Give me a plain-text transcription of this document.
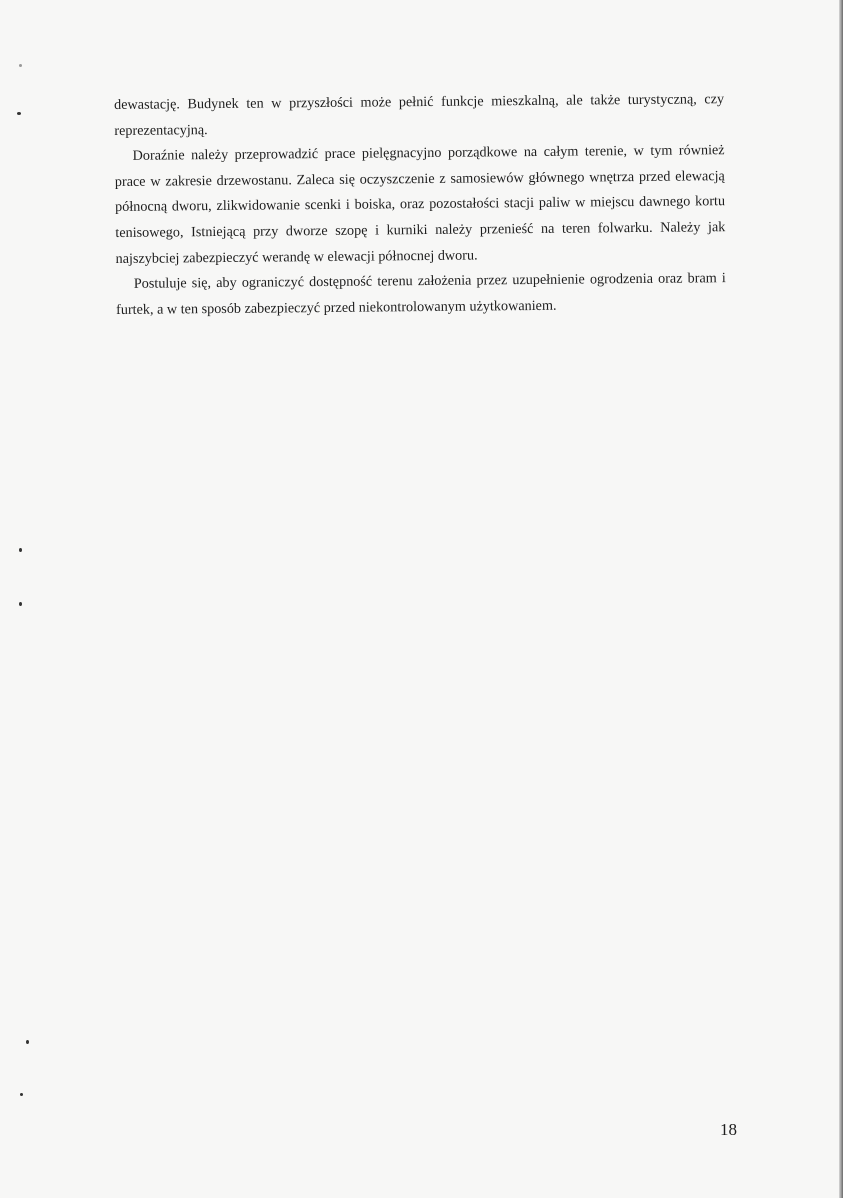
dewastację. Budynek ten w przyszłości może pełnić funkcje mieszkalną, ale także turystyczną, czy reprezentacyjną.

Doraźnie należy przeprowadzić prace pielęgnacyjno porządkowe na całym terenie, w tym również prace w zakresie drzewostanu. Zaleca się oczyszczenie z samosiewów głównego wnętrza przed elewacją północną dworu, zlikwidowanie scenki i boiska, oraz pozostałości stacji paliw w miejscu dawnego kortu tenisowego, Istniejącą przy dworze szopę i kurniki należy przenieść na teren folwarku. Należy jak najszybciej zabezpieczyć werandę w elewacji północnej dworu.

Postuluje się, aby ograniczyć dostępność terenu założenia przez uzupełnienie ogrodzenia oraz bram i furtek, a w ten sposób zabezpieczyć przed niekontrolowanym użytkowaniem.

18
